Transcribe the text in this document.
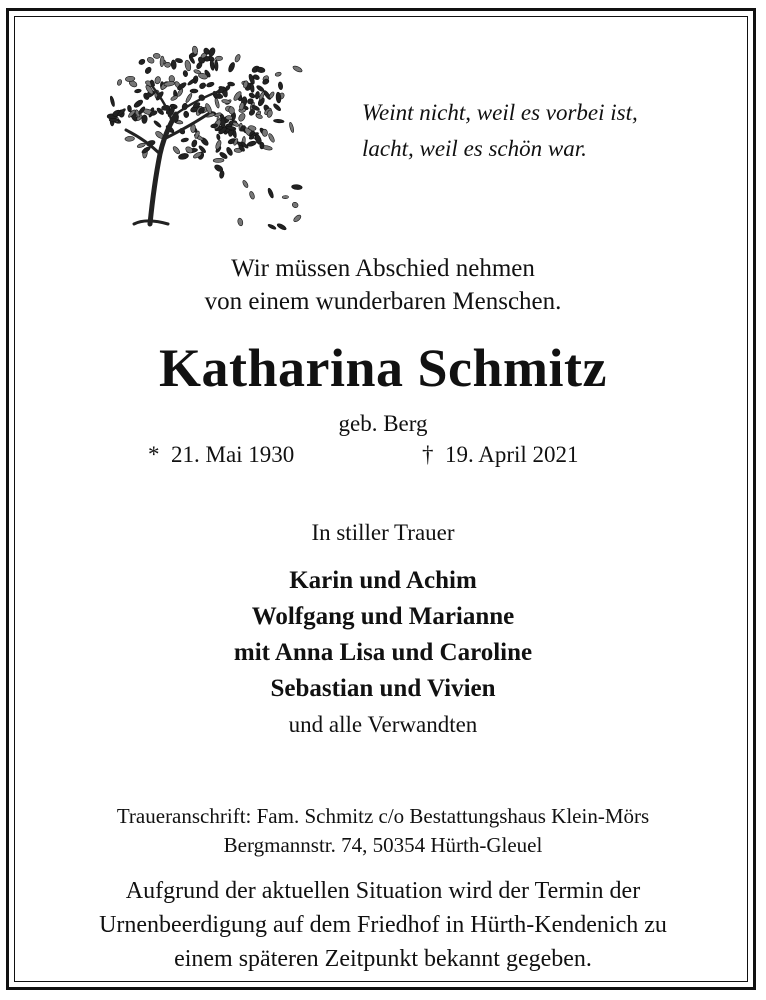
Weint nicht, weil es vorbei ist,
lacht, weil es schön war.
Wir müssen Abschied nehmen
von einem wunderbaren Menschen.
Katharina Schmitz
geb. Berg
* 21. Mai 1930	† 19. April 2021
In stiller Trauer
Karin und Achim
Wolfgang und Marianne
mit Anna Lisa und Caroline
Sebastian und Vivien
und alle Verwandten
Traueranschrift: Fam. Schmitz c/o Bestattungshaus Klein-Mörs
Bergmannstr. 74, 50354 Hürth-Gleuel
Aufgrund der aktuellen Situation wird der Termin der
Urnenbeerdigung auf dem Friedhof in Hürth-Kendenich zu
einem späteren Zeitpunkt bekannt gegeben.
